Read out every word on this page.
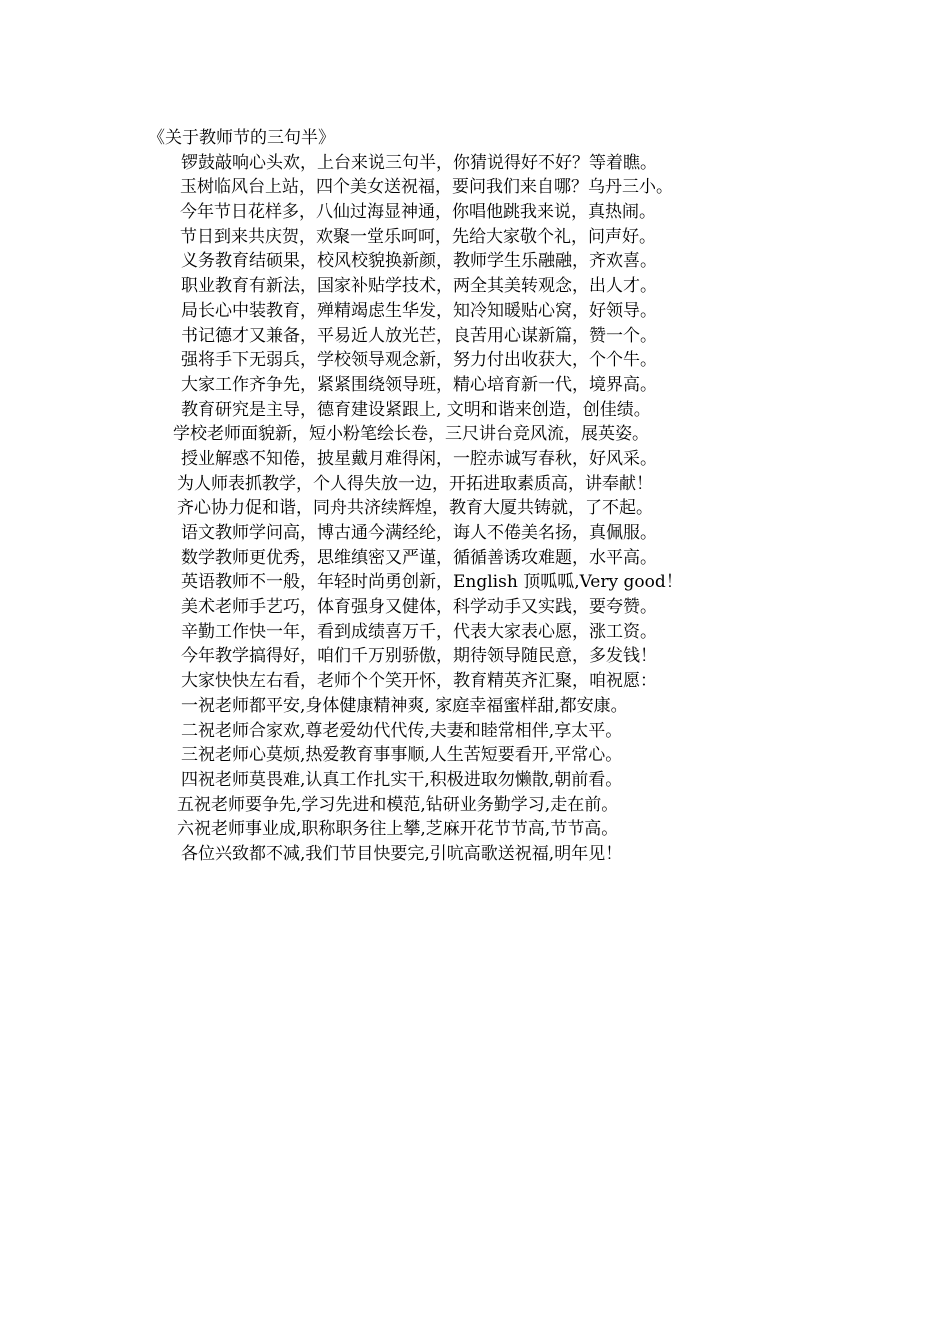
《关于教师节的三句半》
锣鼓敲响心头欢，上台来说三句半，你猜说得好不好？等着瞧。
玉树临风台上站，四个美女送祝福，要问我们来自哪？乌丹三小。
今年节日花样多，八仙过海显神通，你唱他跳我来说，真热闹。
节日到来共庆贺，欢聚一堂乐呵呵，先给大家敬个礼，问声好。
义务教育结硕果，校风校貌换新颜，教师学生乐融融，齐欢喜。
职业教育有新法，国家补贴学技术，两全其美转观念，出人才。
局长心中装教育，殚精竭虑生华发，知冷知暖贴心窝，好领导。
书记德才又兼备，平易近人放光芒，良苦用心谋新篇，赞一个。
强将手下无弱兵，学校领导观念新，努力付出收获大，个个牛。
大家工作齐争先，紧紧围绕领导班，精心培育新一代，境界高。
教育研究是主导，德育建设紧跟上, 文明和谐来创造，创佳绩。
学校老师面貌新，短小粉笔绘长卷，三尺讲台竞风流，展英姿。
授业解惑不知倦，披星戴月难得闲，一腔赤诚写春秋，好风采。
为人师表抓教学，个人得失放一边，开拓进取素质高，讲奉献！
齐心协力促和谐，同舟共济续辉煌，教育大厦共铸就，了不起。
语文教师学问高，博古通今满经纶，诲人不倦美名扬，真佩服。
数学教师更优秀，思维缜密又严谨，循循善诱攻难题，水平高。
英语教师不一般，年轻时尚勇创新，English 顶呱呱,Very good！
美术老师手艺巧，体育强身又健体，科学动手又实践，要夸赞。
辛勤工作快一年，看到成绩喜万千，代表大家表心愿，涨工资。
今年教学搞得好，咱们千万别骄傲，期待领导随民意，多发钱！
大家快快左右看，老师个个笑开怀，教育精英齐汇聚，咱祝愿：
一祝老师都平安,身体健康精神爽, 家庭幸福蜜样甜,都安康。
二祝老师合家欢,尊老爱幼代代传,夫妻和睦常相伴,享太平。
三祝老师心莫烦,热爱教育事事顺,人生苦短要看开,平常心。
四祝老师莫畏难,认真工作扎实干,积极进取勿懒散,朝前看。
五祝老师要争先,学习先进和模范,钻研业务勤学习,走在前。
六祝老师事业成,职称职务往上攀,芝麻开花节节高,节节高。
各位兴致都不减,我们节目快要完,引吭高歌送祝福,明年见！
